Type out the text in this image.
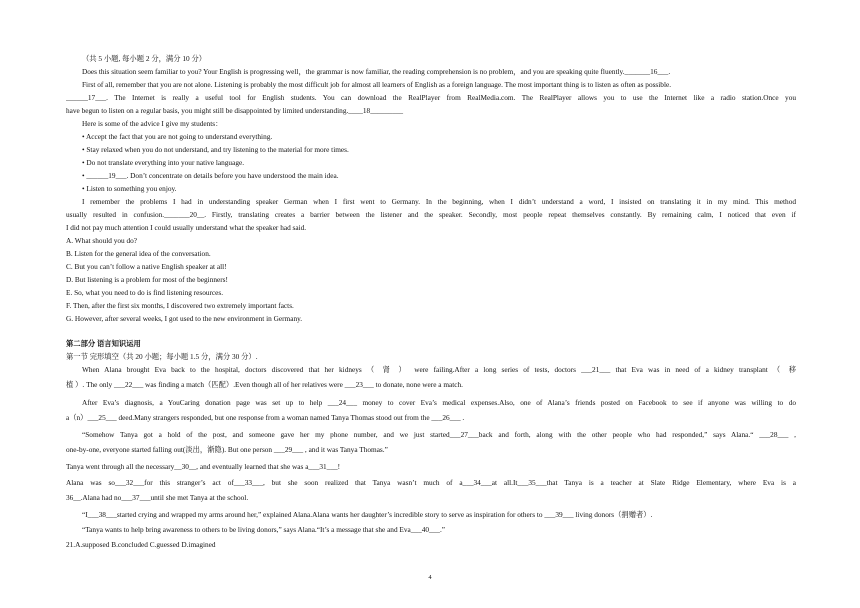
（共 5 小题, 每小题 2 分，满分 10 分）
Does this situation seem familiar to you? Your English is progressing well，the grammar is now familiar, the reading comprehension is no problem，and you are speaking quite fluently._______16___.
First of all, remember that you are not alone. Listening is probably the most difficult job for almost all learners of English as a foreign language. The most important thing is to listen as often as possible.
______17___. The Internet is really a useful tool for English students. You can download the RealPlayer from RealMedia.com. The RealPlayer allows you to use the Internet like a radio station.Once you
have begun to listen on a regular basis, you might still be disappointed by limited understanding.____18_________
Here is some of the advice I give my students：
• Accept the fact that you are not going to understand everything.
• Stay relaxed when you do not understand, and try listening to the material for more times.
• Do not translate everything into your native language.
• ______19___. Don’t concentrate on details before you have understood the main idea.
• Listen to something you enjoy.
I remember the problems I had in understanding speaker German when I first went to Germany. In the beginning, when I didn’t understand a word, I insisted on translating it in my mind. This method
usually resulted in confusion._______20__. Firstly, translating creates a barrier between the listener and the speaker. Secondly, most people repeat themselves constantly. By remaining calm, I noticed that even if
I did not pay much attention I could usually understand what the speaker had said.
A. What should you do?
B. Listen for the general idea of the conversation.
C. But you can’t follow a native English speaker at all!
D. But listening is a problem for most of the beginners!
E. So, what you need to do is find listening resources.
F. Then, after the first six months, I discovered two extremely important facts.
G. However, after several weeks, I got used to the new environment in Germany.
第二部分 语言知识运用
第一节 完形填空（共 20 小题；每小题 1.5 分，满分 30 分）.
When Alana brought Eva back to the hospital, doctors discovered that her kidneys （ 肾 ） were failing.After a long series of tests, doctors ___21___ that Eva was in need of a kidney transplant （ 移
植 ）. The only ___22___ was finding a match（匹配）.Even though all of her relatives were ___23___ to donate, none were a match.
After Eva’s diagnosis, a YouCaring donation page was set up to help ___24___ money to cover Eva’s medical expenses.Also, one of Alana’s friends posted on Facebook to see if anyone was willing to do
a（n）___25___ deed.Many strangers responded, but one response from a woman named Tanya Thomas stood out from the ___26___ .
“Somehow Tanya got a hold of the post, and someone gave her my phone number, and we just started___27___back and forth, along with the other people who had responded,” says Alana.“ ___28___ ,
one-by-one, everyone started falling out(淡出，渐隐). But one person ___29___ , and it was Tanya Thomas.”
Tanya went through all the necessary__30__, and eventually learned that she was a___31___!
Alana was so___32___for this stranger’s act of___33___, but she soon realized that Tanya wasn’t much of a___34___at all.It___35___that Tanya is a teacher at Slate Ridge Elementary, where Eva is a
36__.Alana had no___37___until she met Tanya at the school.
“I___38___started crying and wrapped my arms around her,” explained Alana.Alana wants her daughter’s incredible story to serve as inspiration for others to ___39___ living donors（捐赠者）.
“Tanya wants to help bring awareness to others to be living donors,” says Alana.“It’s a message that she and Eva___40___.”
21.A.supposed B.concluded C.guessed D.imagined
4
